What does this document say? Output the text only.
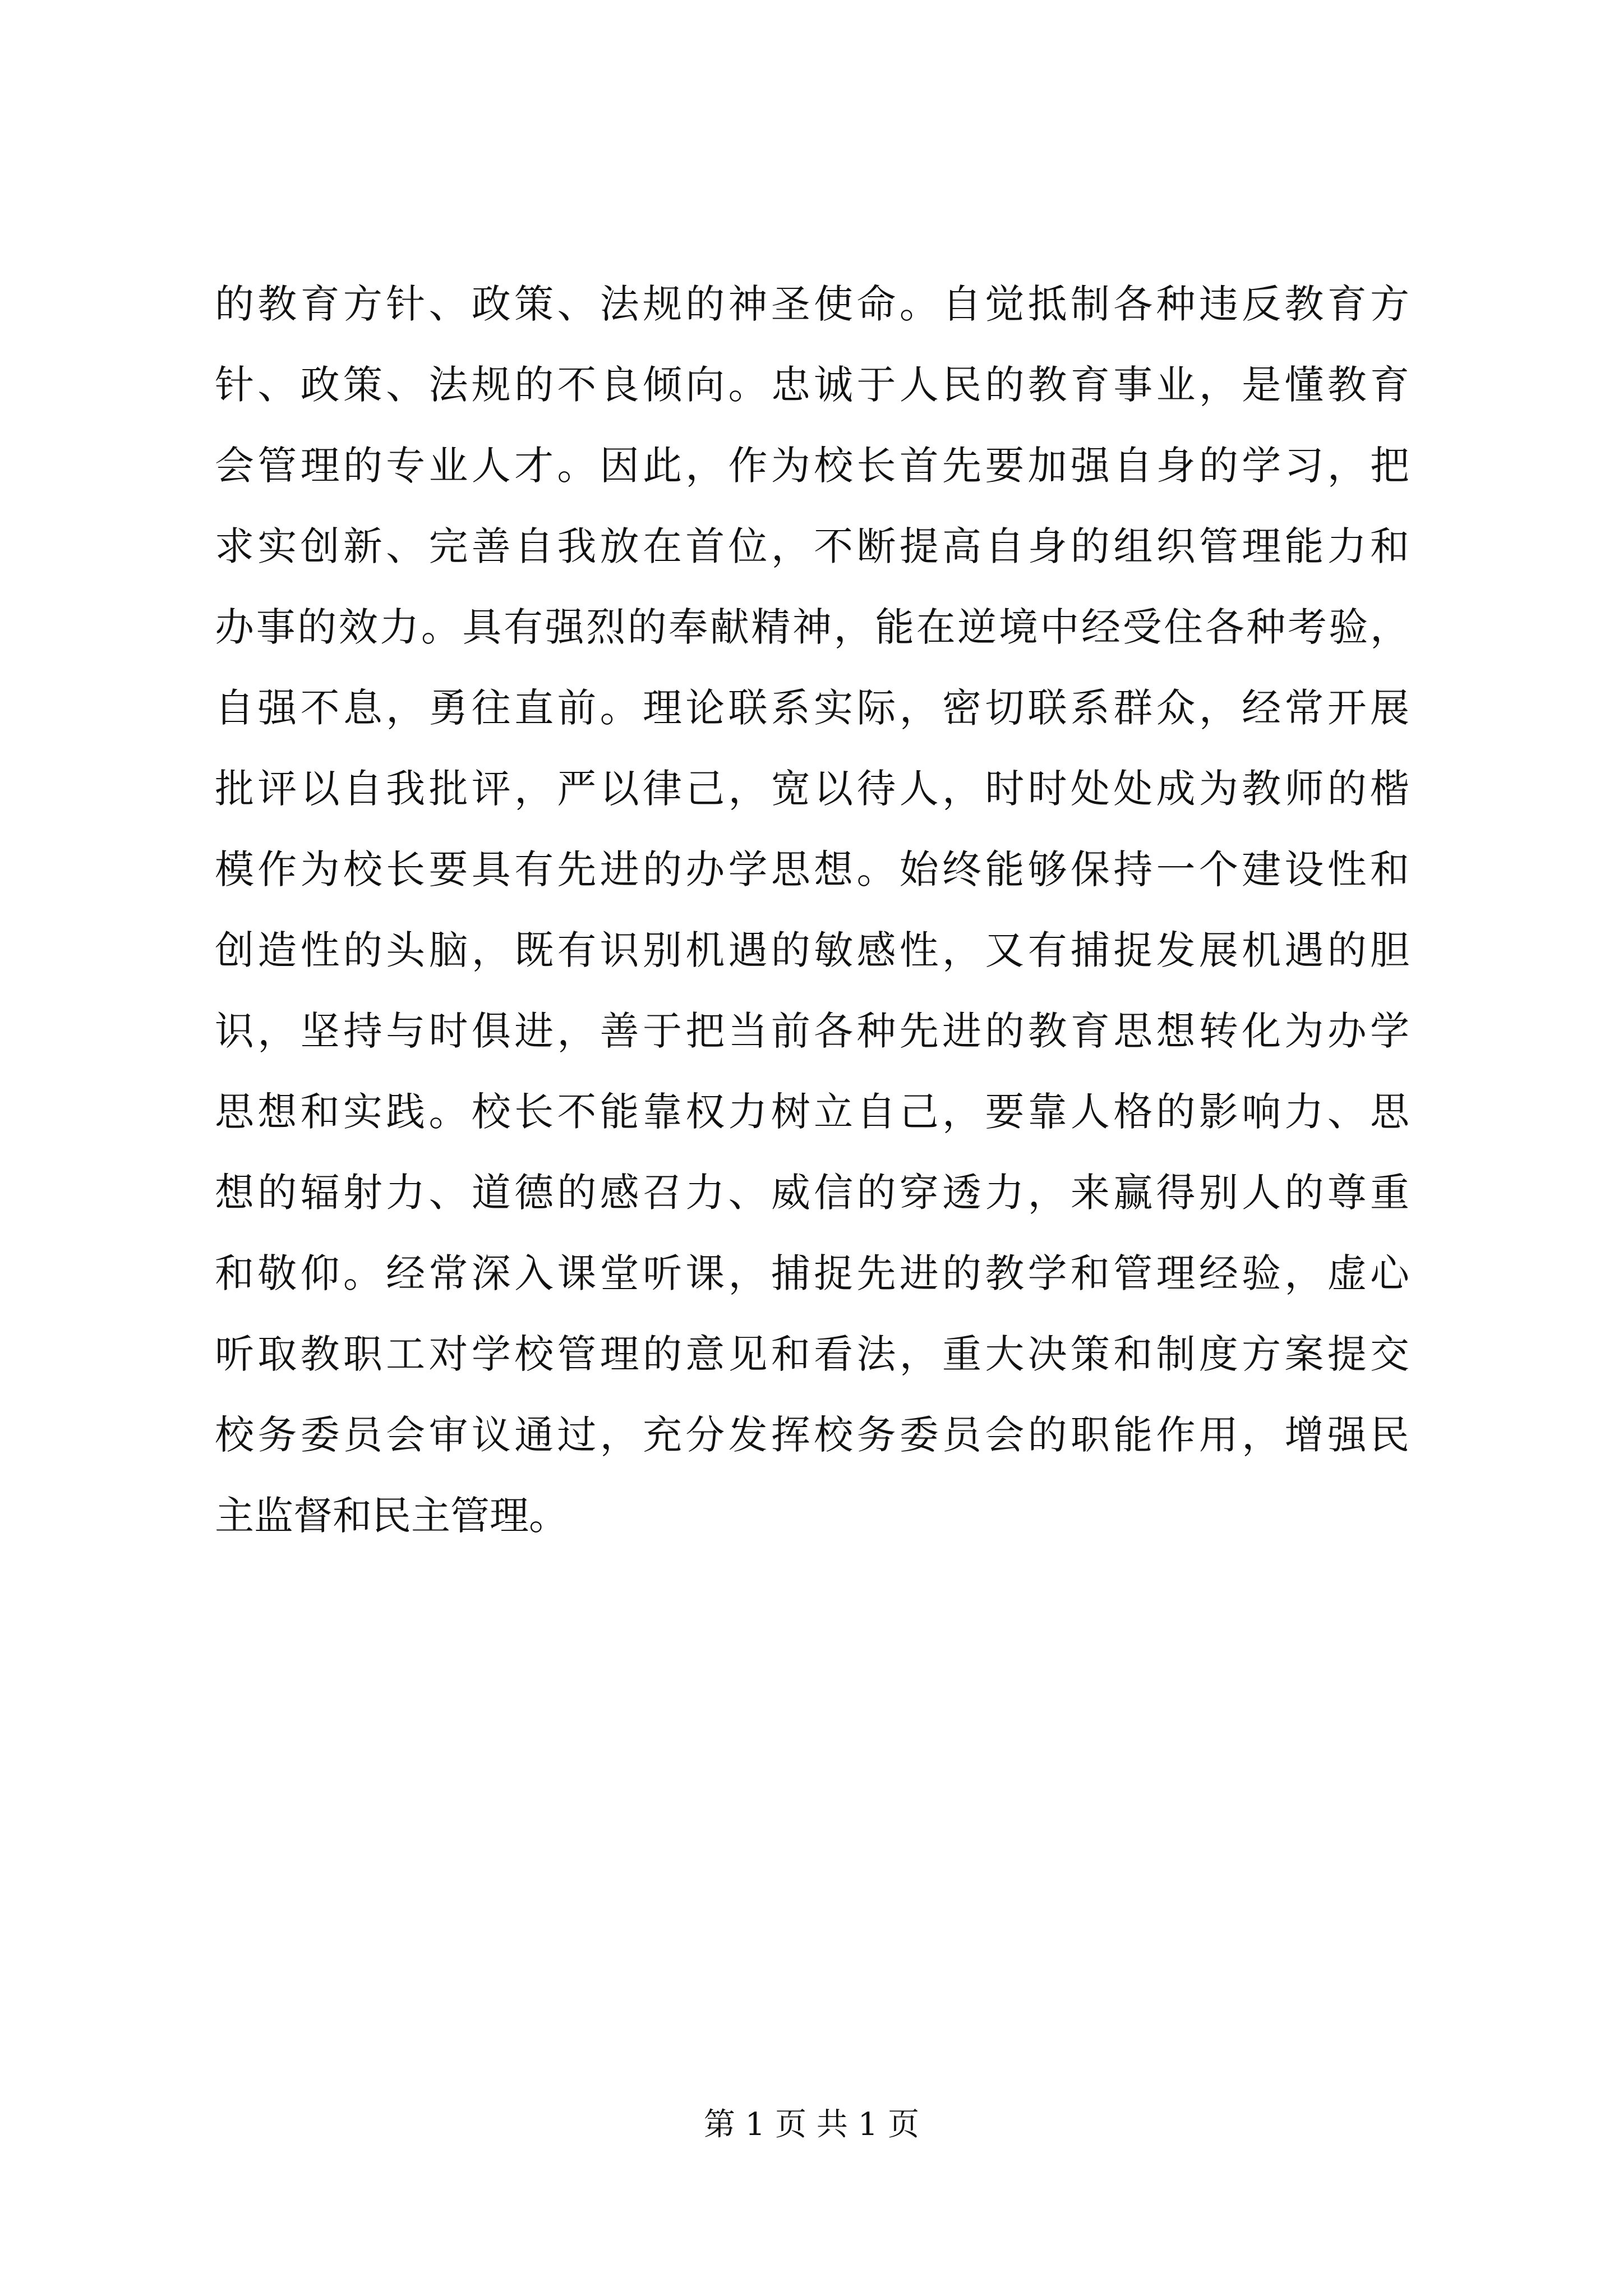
的教育方针、政策、法规的神圣使命。自觉抵制各种违反教育方
针、政策、法规的不良倾向。忠诚于人民的教育事业，是懂教育
会管理的专业人才。因此，作为校长首先要加强自身的学习，把
求实创新、完善自我放在首位，不断提高自身的组织管理能力和
办事的效力。具有强烈的奉献精神，能在逆境中经受住各种考验，
自强不息，勇往直前。理论联系实际，密切联系群众，经常开展
批评以自我批评，严以律己，宽以待人，时时处处成为教师的楷
模作为校长要具有先进的办学思想。始终能够保持一个建设性和
创造性的头脑，既有识别机遇的敏感性，又有捕捉发展机遇的胆
识，坚持与时俱进，善于把当前各种先进的教育思想转化为办学
思想和实践。校长不能靠权力树立自己，要靠人格的影响力、思
想的辐射力、道德的感召力、威信的穿透力，来赢得别人的尊重
和敬仰。经常深入课堂听课，捕捉先进的教学和管理经验，虚心
听取教职工对学校管理的意见和看法，重大决策和制度方案提交
校务委员会审议通过，充分发挥校务委员会的职能作用，增强民
主监督和民主管理。
第 1 页 共 1 页
